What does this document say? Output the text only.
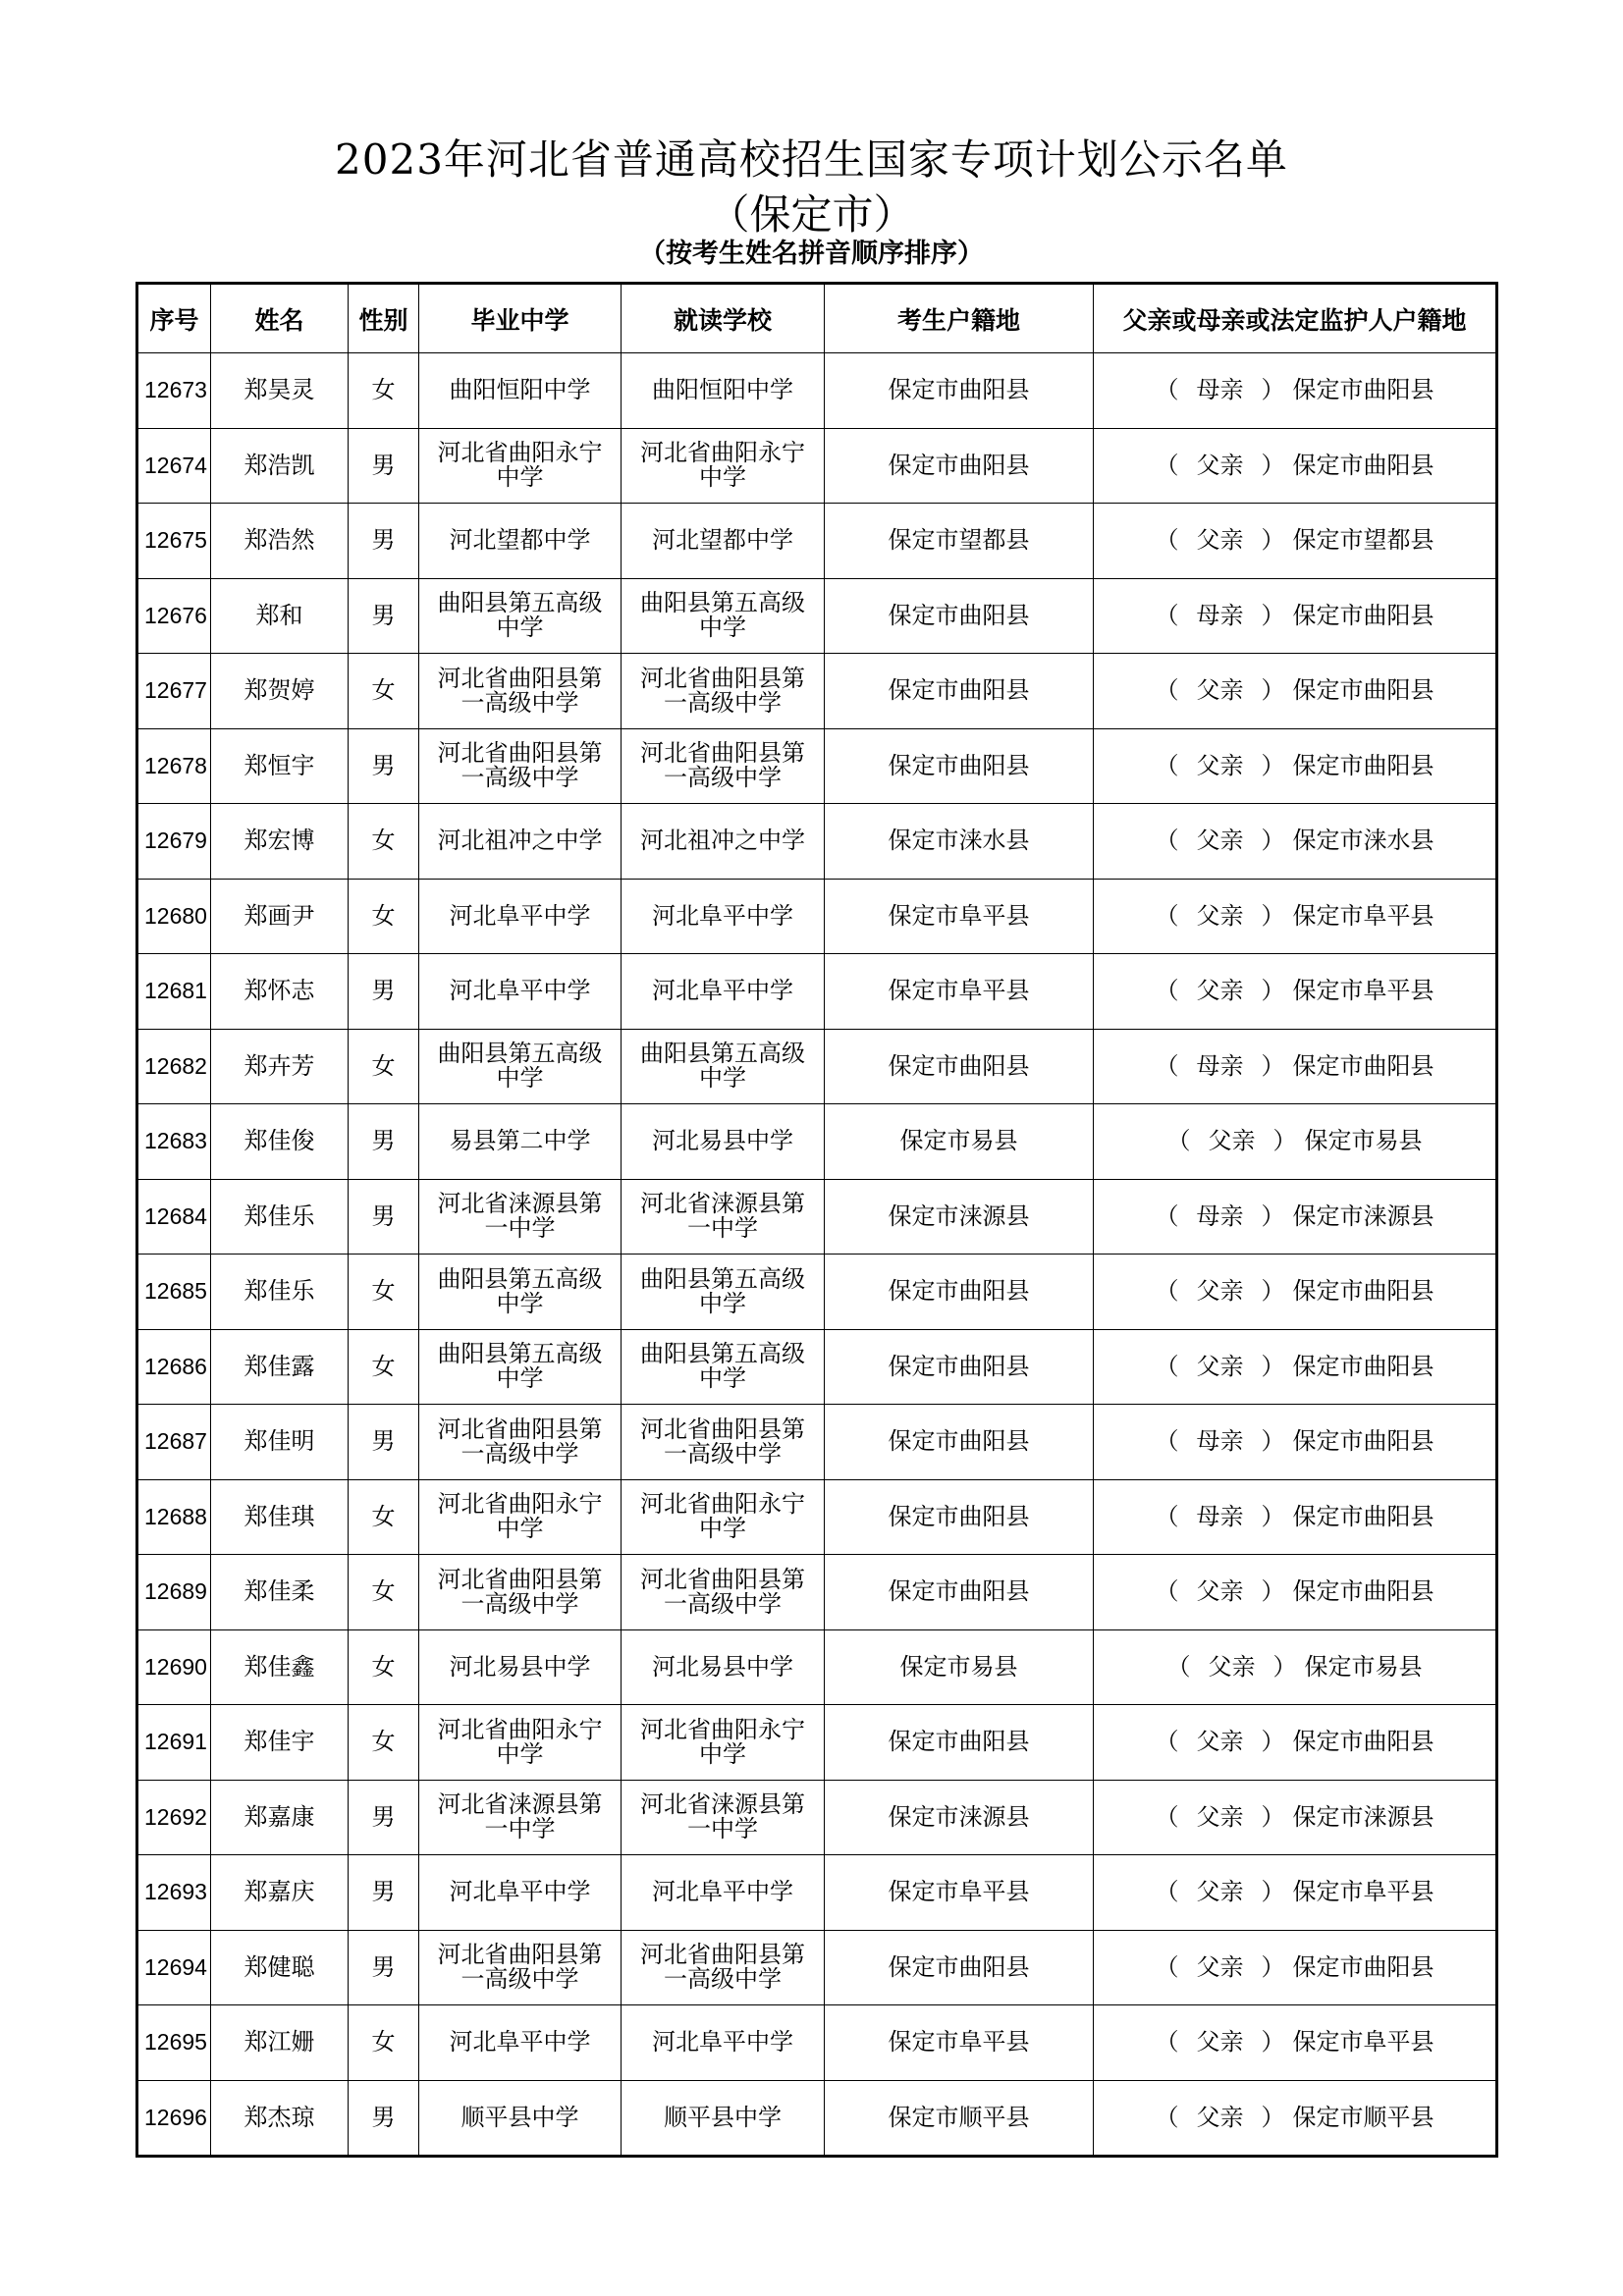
2023年河北省普通高校招生国家专项计划公示名单
（保定市）
（按考生姓名拼音顺序排序）
序号	姓名	性别	毕业中学	就读学校	考生户籍地	父亲或母亲或法定监护人户籍地
12673	郑昊灵	女	曲阳恒阳中学	曲阳恒阳中学	保定市曲阳县	（ 母亲 ） 保定市曲阳县
12674	郑浩凯	男	河北省曲阳永宁中学	河北省曲阳永宁中学	保定市曲阳县	（ 父亲 ） 保定市曲阳县
12675	郑浩然	男	河北望都中学	河北望都中学	保定市望都县	（ 父亲 ） 保定市望都县
12676	郑和	男	曲阳县第五高级中学	曲阳县第五高级中学	保定市曲阳县	（ 母亲 ） 保定市曲阳县
12677	郑贺婷	女	河北省曲阳县第一高级中学	河北省曲阳县第一高级中学	保定市曲阳县	（ 父亲 ） 保定市曲阳县
12678	郑恒宇	男	河北省曲阳县第一高级中学	河北省曲阳县第一高级中学	保定市曲阳县	（ 父亲 ） 保定市曲阳县
12679	郑宏博	女	河北祖冲之中学	河北祖冲之中学	保定市涞水县	（ 父亲 ） 保定市涞水县
12680	郑画尹	女	河北阜平中学	河北阜平中学	保定市阜平县	（ 父亲 ） 保定市阜平县
12681	郑怀志	男	河北阜平中学	河北阜平中学	保定市阜平县	（ 父亲 ） 保定市阜平县
12682	郑卉芳	女	曲阳县第五高级中学	曲阳县第五高级中学	保定市曲阳县	（ 母亲 ） 保定市曲阳县
12683	郑佳俊	男	易县第二中学	河北易县中学	保定市易县	（ 父亲 ） 保定市易县
12684	郑佳乐	男	河北省涞源县第一中学	河北省涞源县第一中学	保定市涞源县	（ 母亲 ） 保定市涞源县
12685	郑佳乐	女	曲阳县第五高级中学	曲阳县第五高级中学	保定市曲阳县	（ 父亲 ） 保定市曲阳县
12686	郑佳露	女	曲阳县第五高级中学	曲阳县第五高级中学	保定市曲阳县	（ 父亲 ） 保定市曲阳县
12687	郑佳明	男	河北省曲阳县第一高级中学	河北省曲阳县第一高级中学	保定市曲阳县	（ 母亲 ） 保定市曲阳县
12688	郑佳琪	女	河北省曲阳永宁中学	河北省曲阳永宁中学	保定市曲阳县	（ 母亲 ） 保定市曲阳县
12689	郑佳柔	女	河北省曲阳县第一高级中学	河北省曲阳县第一高级中学	保定市曲阳县	（ 父亲 ） 保定市曲阳县
12690	郑佳鑫	女	河北易县中学	河北易县中学	保定市易县	（ 父亲 ） 保定市易县
12691	郑佳宇	女	河北省曲阳永宁中学	河北省曲阳永宁中学	保定市曲阳县	（ 父亲 ） 保定市曲阳县
12692	郑嘉康	男	河北省涞源县第一中学	河北省涞源县第一中学	保定市涞源县	（ 父亲 ） 保定市涞源县
12693	郑嘉庆	男	河北阜平中学	河北阜平中学	保定市阜平县	（ 父亲 ） 保定市阜平县
12694	郑健聪	男	河北省曲阳县第一高级中学	河北省曲阳县第一高级中学	保定市曲阳县	（ 父亲 ） 保定市曲阳县
12695	郑江姗	女	河北阜平中学	河北阜平中学	保定市阜平县	（ 父亲 ） 保定市阜平县
12696	郑杰琼	男	顺平县中学	顺平县中学	保定市顺平县	（ 父亲 ） 保定市顺平县
